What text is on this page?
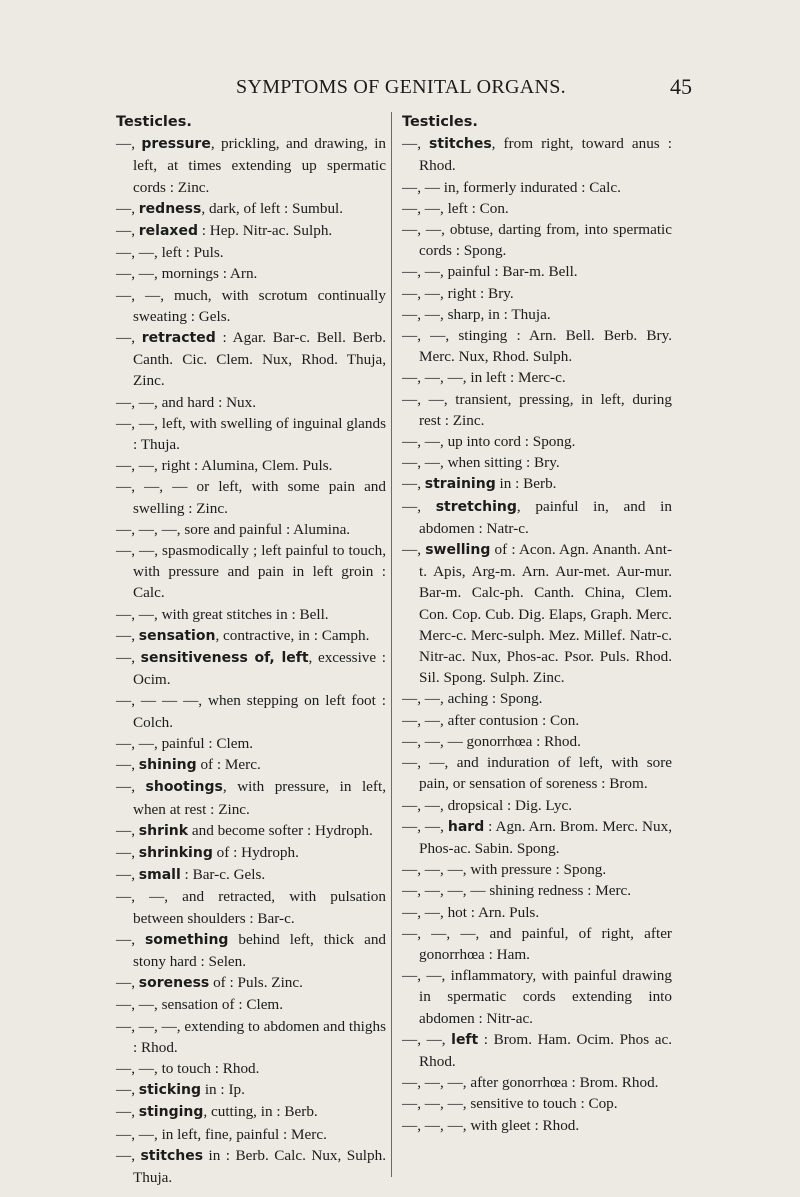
SYMPTOMS OF GENITAL ORGANS.	45
Testicles.
—, pressure, prickling, and drawing, in left, at times extending up spermatic cords : Zinc.
—, redness, dark, of left : Sumbul.
—, relaxed : Hep. Nitr-ac. Sulph.
—, —, left : Puls.
—, —, mornings : Arn.
—, —, much, with scrotum continually sweating : Gels.
—, retracted : Agar. Bar-c. Bell. Berb. Canth. Cic. Clem. Nux, Rhod. Thuja, Zinc.
—, —, and hard : Nux.
—, —, left, with swelling of inguinal glands : Thuja.
—, —, right : Alumina, Clem. Puls.
—, —, — or left, with some pain and swelling : Zinc.
—, —, —, sore and painful : Alumina.
—, —, spasmodically ; left painful to touch, with pressure and pain in left groin : Calc.
—, —, with great stitches in : Bell.
—, sensation, contractive, in : Camph.
—, sensitiveness of, left, excessive : Ocim.
—, — — —, when stepping on left foot : Colch.
—, —, painful : Clem.
—, shining of : Merc.
—, shootings, with pressure, in left, when at rest : Zinc.
—, shrink and become softer : Hydroph.
—, shrinking of : Hydroph.
—, small : Bar-c. Gels.
—, —, and retracted, with pulsation between shoulders : Bar-c.
—, something behind left, thick and stony hard : Selen.
—, soreness of : Puls. Zinc.
—, —, sensation of : Clem.
—, —, —, extending to abdomen and thighs : Rhod.
—, —, to touch : Rhod.
—, sticking in : Ip.
—, stinging, cutting, in : Berb.
—, —, in left, fine, painful : Merc.
—, stitches in : Berb. Calc. Nux, Sulph. Thuja.
Testicles.
—, stitches, from right, toward anus : Rhod.
—, — in, formerly indurated : Calc.
—, —, left : Con.
—, —, obtuse, darting from, into spermatic cords : Spong.
—, —, painful : Bar-m. Bell.
—, —, right : Bry.
—, —, sharp, in : Thuja.
—, —, stinging : Arn. Bell. Berb. Bry. Merc. Nux, Rhod. Sulph.
—, —, —, in left : Merc-c.
—, —, transient, pressing, in left, during rest : Zinc.
—, —, up into cord : Spong.
—, —, when sitting : Bry.
—, straining in : Berb.
—, stretching, painful in, and in abdomen : Natr-c.
—, swelling of : Acon. Agn. Ananth. Ant-t. Apis, Arg-m. Arn. Aur-met. Aur-mur. Bar-m. Calc-ph. Canth. China, Clem. Con. Cop. Cub. Dig. Elaps, Graph. Merc. Merc-c. Merc-sulph. Mez. Millef. Natr-c. Nitr-ac. Nux, Phos-ac. Psor. Puls. Rhod. Sil. Spong. Sulph. Zinc.
—, —, aching : Spong.
—, —, after contusion : Con.
—, —, — gonorrhœa : Rhod.
—, —, and induration of left, with sore pain, or sensation of soreness : Brom.
—, —, dropsical : Dig. Lyc.
—, —, hard : Agn. Arn. Brom. Merc. Nux, Phos-ac. Sabin. Spong.
—, —, —, with pressure : Spong.
—, —, —, — shining redness : Merc.
—, —, hot : Arn. Puls.
—, —, —, and painful, of right, after gonorrhœa : Ham.
—, —, inflammatory, with painful drawing in spermatic cords extending into abdomen : Nitr-ac.
—, —, left : Brom. Ham. Ocim. Phos ac. Rhod.
—, —, —, after gonorrhœa : Brom. Rhod.
—, —, —, sensitive to touch : Cop.
—, —, —, with gleet : Rhod.
